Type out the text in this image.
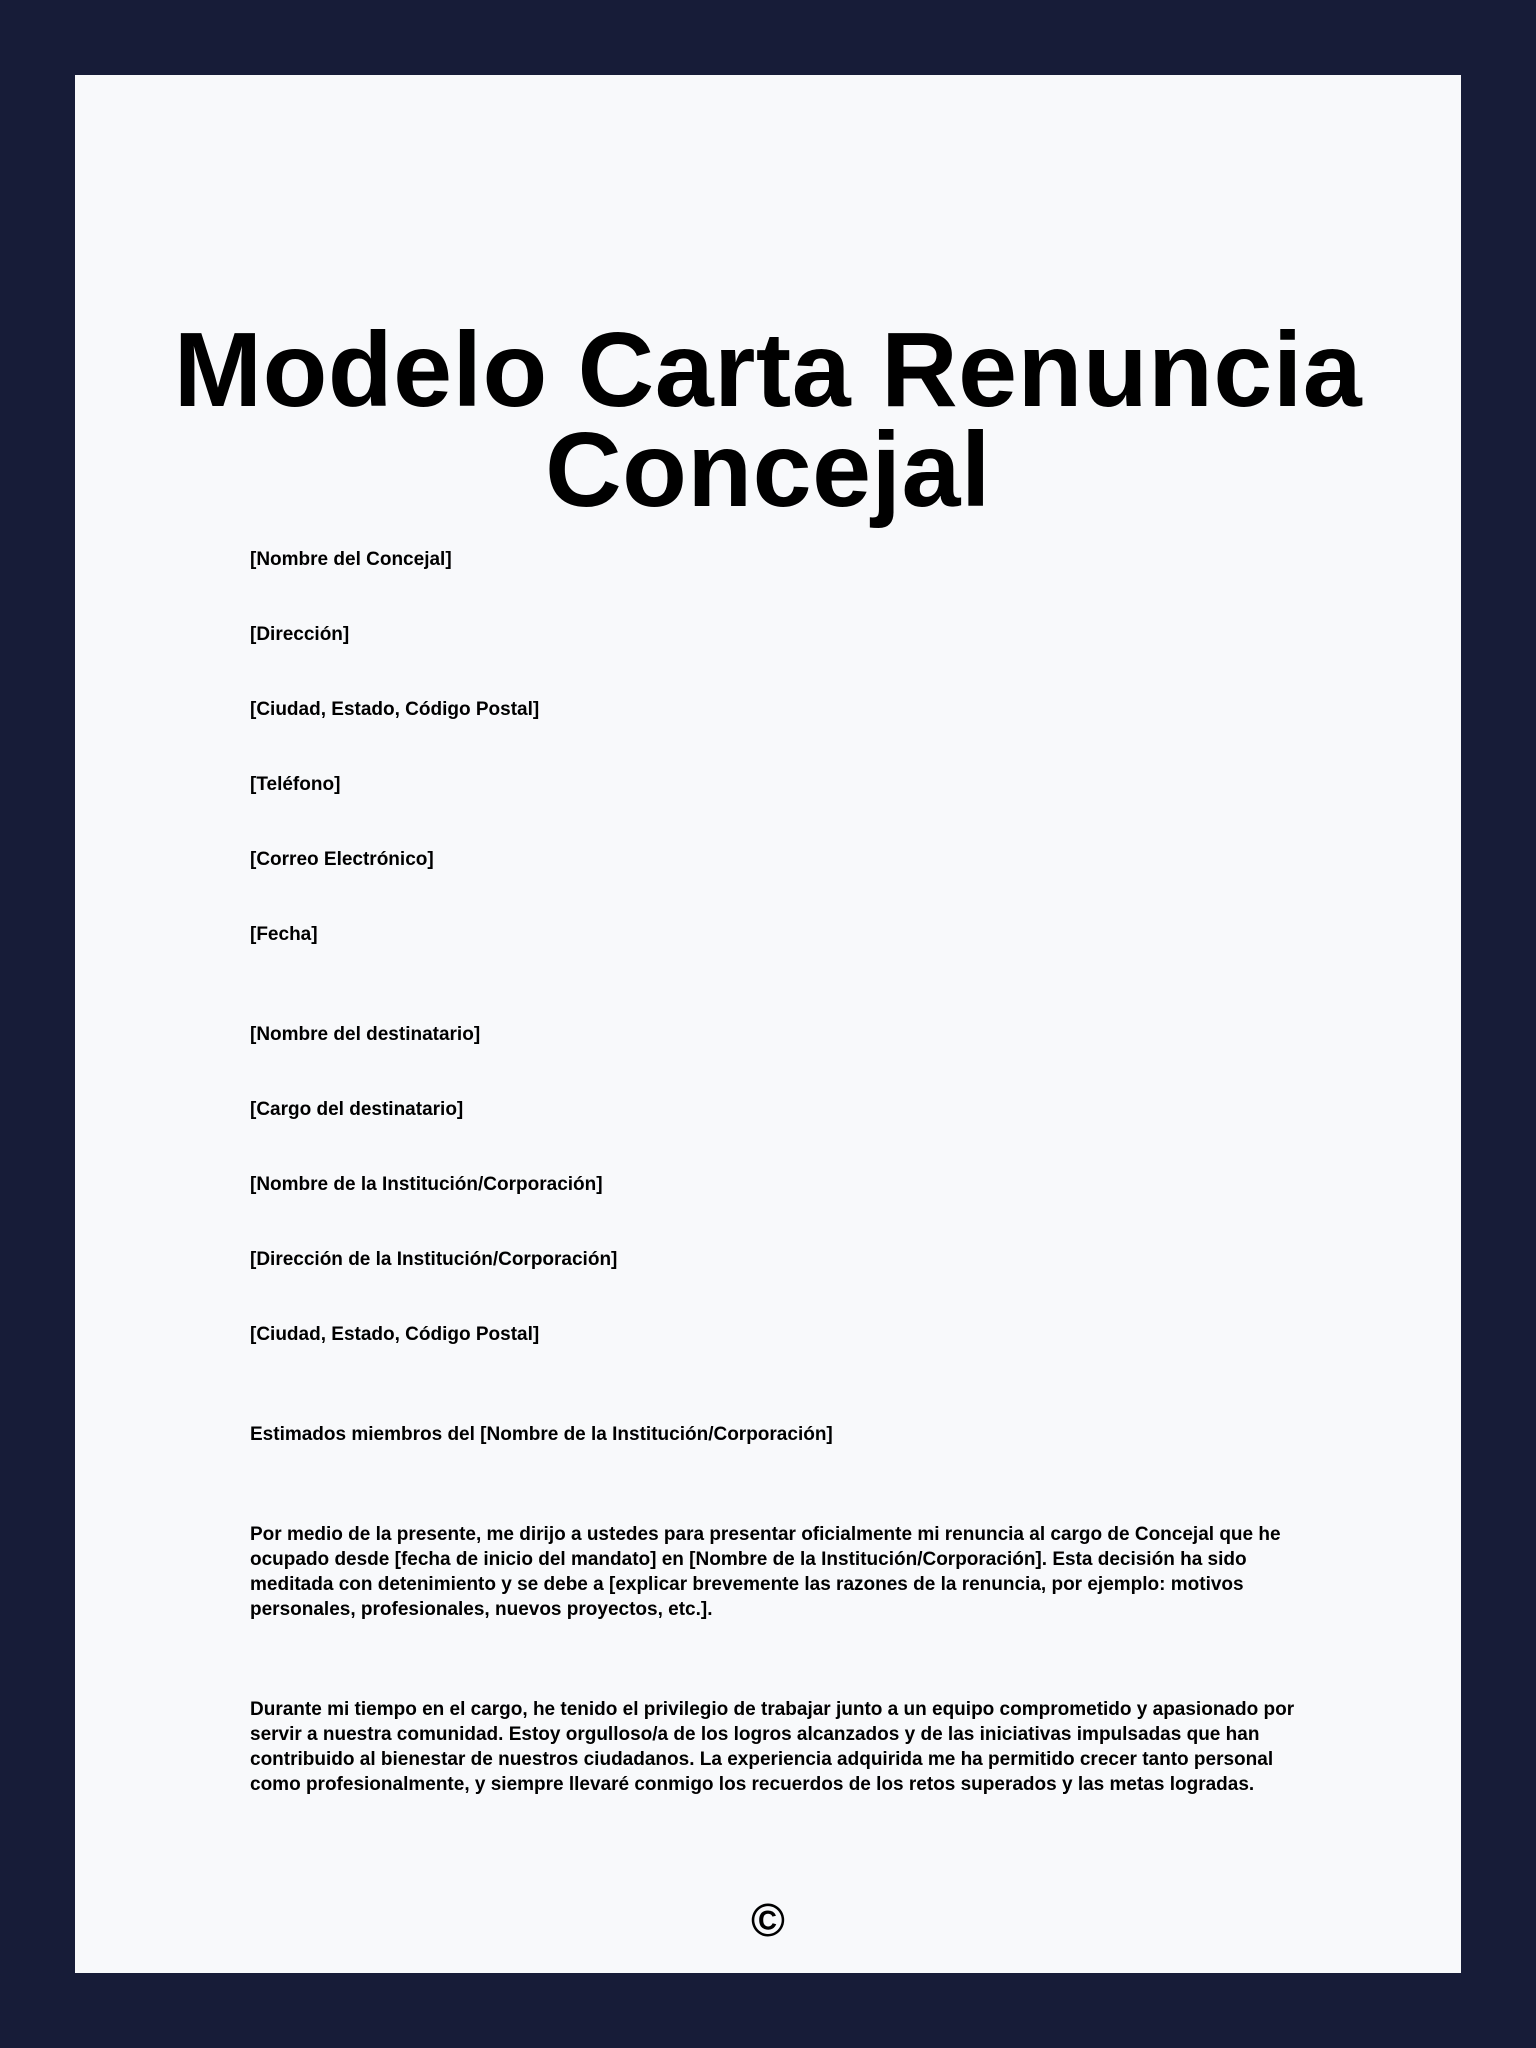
Modelo Carta Renuncia
Concejal

[Nombre del Concejal]

[Dirección]

[Ciudad, Estado, Código Postal]

[Teléfono]

[Correo Electrónico]

[Fecha]

[Nombre del destinatario]

[Cargo del destinatario]

[Nombre de la Institución/Corporación]

[Dirección de la Institución/Corporación]

[Ciudad, Estado, Código Postal]

Estimados miembros del [Nombre de la Institución/Corporación]

Por medio de la presente, me dirijo a ustedes para presentar oficialmente mi renuncia al cargo de Concejal que he ocupado desde [fecha de inicio del mandato] en [Nombre de la Institución/Corporación]. Esta decisión ha sido meditada con detenimiento y se debe a [explicar brevemente las razones de la renuncia, por ejemplo: motivos personales, profesionales, nuevos proyectos, etc.].

Durante mi tiempo en el cargo, he tenido el privilegio de trabajar junto a un equipo comprometido y apasionado por servir a nuestra comunidad. Estoy orgulloso/a de los logros alcanzados y de las iniciativas impulsadas que han contribuido al bienestar de nuestros ciudadanos. La experiencia adquirida me ha permitido crecer tanto personal como profesionalmente, y siempre llevaré conmigo los recuerdos de los retos superados y las metas logradas.

©
